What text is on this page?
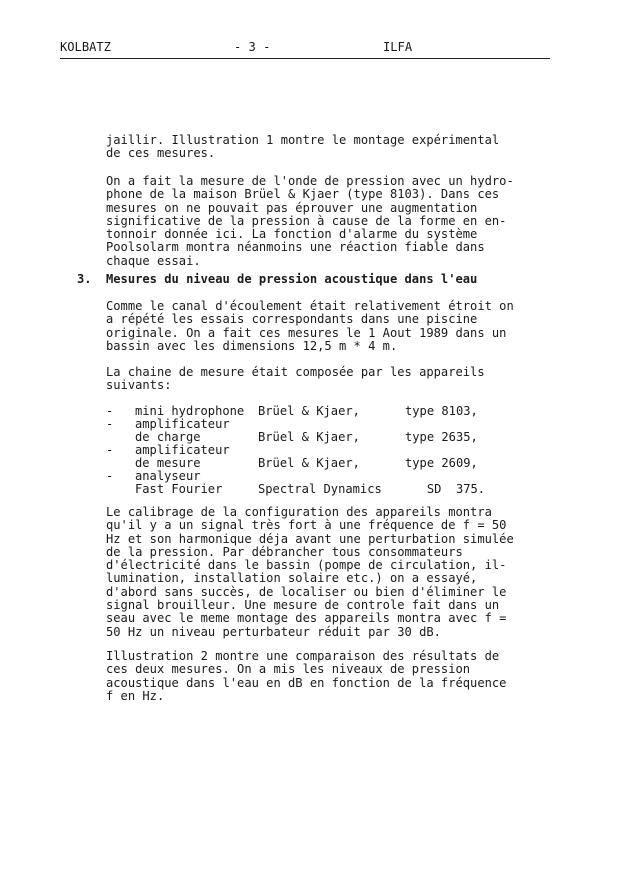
KOLBATZ	- 3 -	ILFA
jaillir. Illustration 1 montre le montage expérimental
de ces mesures.
On a fait la mesure de l'onde de pression avec un hydro-
phone de la maison Brüel & Kjaer (type 8103). Dans ces
mesures on ne pouvait pas éprouver une augmentation
significative de la pression à cause de la forme en en-
tonnoir donnée ici. La fonction d'alarme du système
Poolsolarm montra néanmoins une réaction fiable dans
chaque essai.
3. Mesures du niveau de pression acoustique dans l'eau
Comme le canal d'écoulement était relativement étroit on
a répété les essais correspondants dans une piscine
originale. On a fait ces mesures le 1 Aout 1989 dans un
bassin avec les dimensions 12,5 m * 4 m.
La chaine de mesure était composée par les appareils
suivants:
- mini hydrophone Brüel & Kjaer,	type 8103,
- amplificateur
de charge	Brüel & Kjaer,	type 2635,
- amplificateur
de mesure	Brüel & Kjaer,	type 2609,
- analyseur
Fast Fourier	Spectral Dynamics SD  375.
Le calibrage de la configuration des appareils montra
qu'il y a un signal très fort à une fréquence de f = 50
Hz et son harmonique déja avant une perturbation simulée
de la pression. Par débrancher tous consommateurs
d'électricité dans le bassin (pompe de circulation, il-
lumination, installation solaire etc.) on a essayé,
d'abord sans succès, de localiser ou bien d'éliminer le
signal brouilleur. Une mesure de controle fait dans un
seau avec le meme montage des appareils montra avec f =
50 Hz un niveau perturbateur réduit par 30 dB.
Illustration 2 montre une comparaison des résultats de
ces deux mesures. On a mis les niveaux de pression
acoustique dans l'eau en dB en fonction de la fréquence
f en Hz.
